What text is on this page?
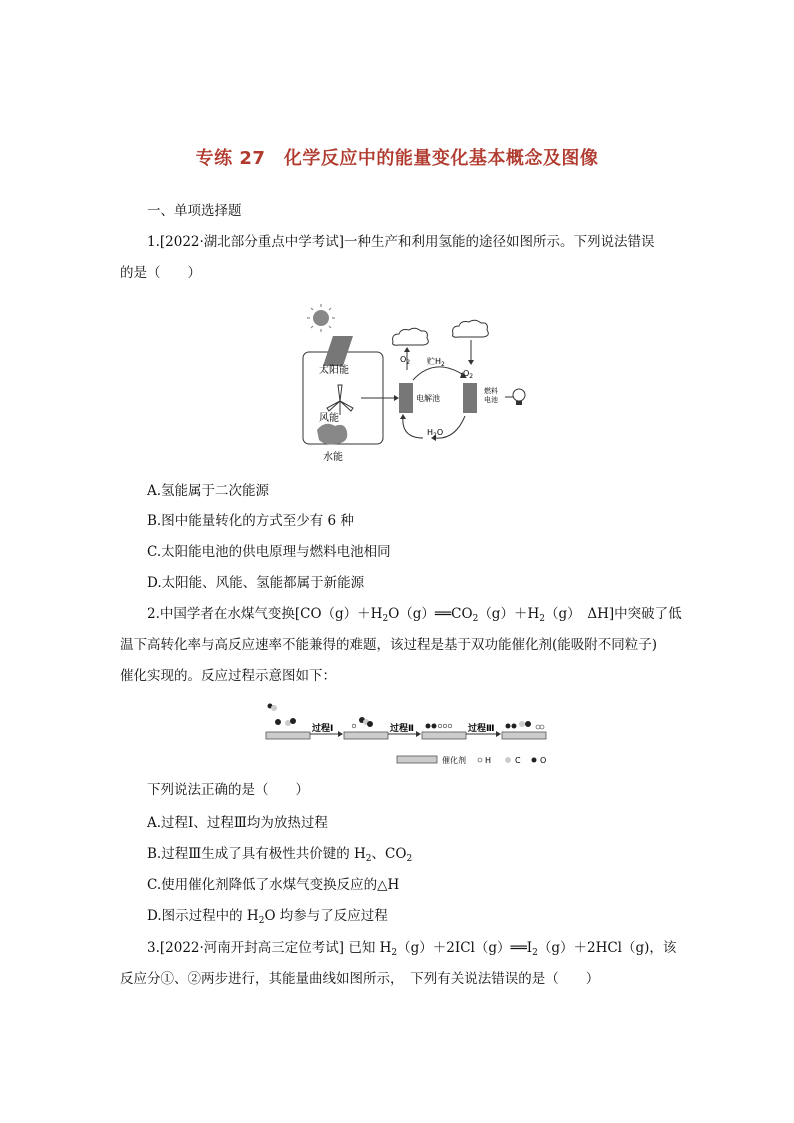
专练 27　化学反应中的能量变化基本概念及图像
一、单项选择题
1.[2022·湖北部分重点中学考试]一种生产和利用氢能的途径如图所示。下列说法错误
的是（　　）
太阳能
风能
水能
$O_2$ 贮$H_2$
$O_2$
电解池
燃料
电池
$H_2O$
A.氢能属于二次能源
B.图中能量转化的方式至少有 6 种
C.太阳能电池的供电原理与燃料电池相同
D.太阳能、风能、氢能都属于新能源
2.中国学者在水煤气变换[$CO(g)+H_2O(g)══CO_2(g)+H_2(g)$　ΔH]中突破了低
温下高转化率与高反应速率不能兼得的难题，该过程是基于双功能催化剂(能吸附不同粒子)
催化实现的。反应过程示意图如下：
过程Ⅰ	过程Ⅱ	过程Ⅲ
催化剂 H	C O
下列说法正确的是（　　）
A.过程Ⅰ、过程Ⅲ均为放热过程
B.过程Ⅲ生成了具有极性共价键的 $H_2$、$CO_2$
C.使用催化剂降低了水煤气变换反应的△H
D.图示过程中的 $H_2O$ 均参与了反应过程
3.[2022·河南开封高三定位考试] 已知 $H_2(g)+2ICl(g)══I_2(g)+2HCl(g)$，该
反应分①、②两步进行，其能量曲线如图所示，　下列有关说法错误的是（　　）
